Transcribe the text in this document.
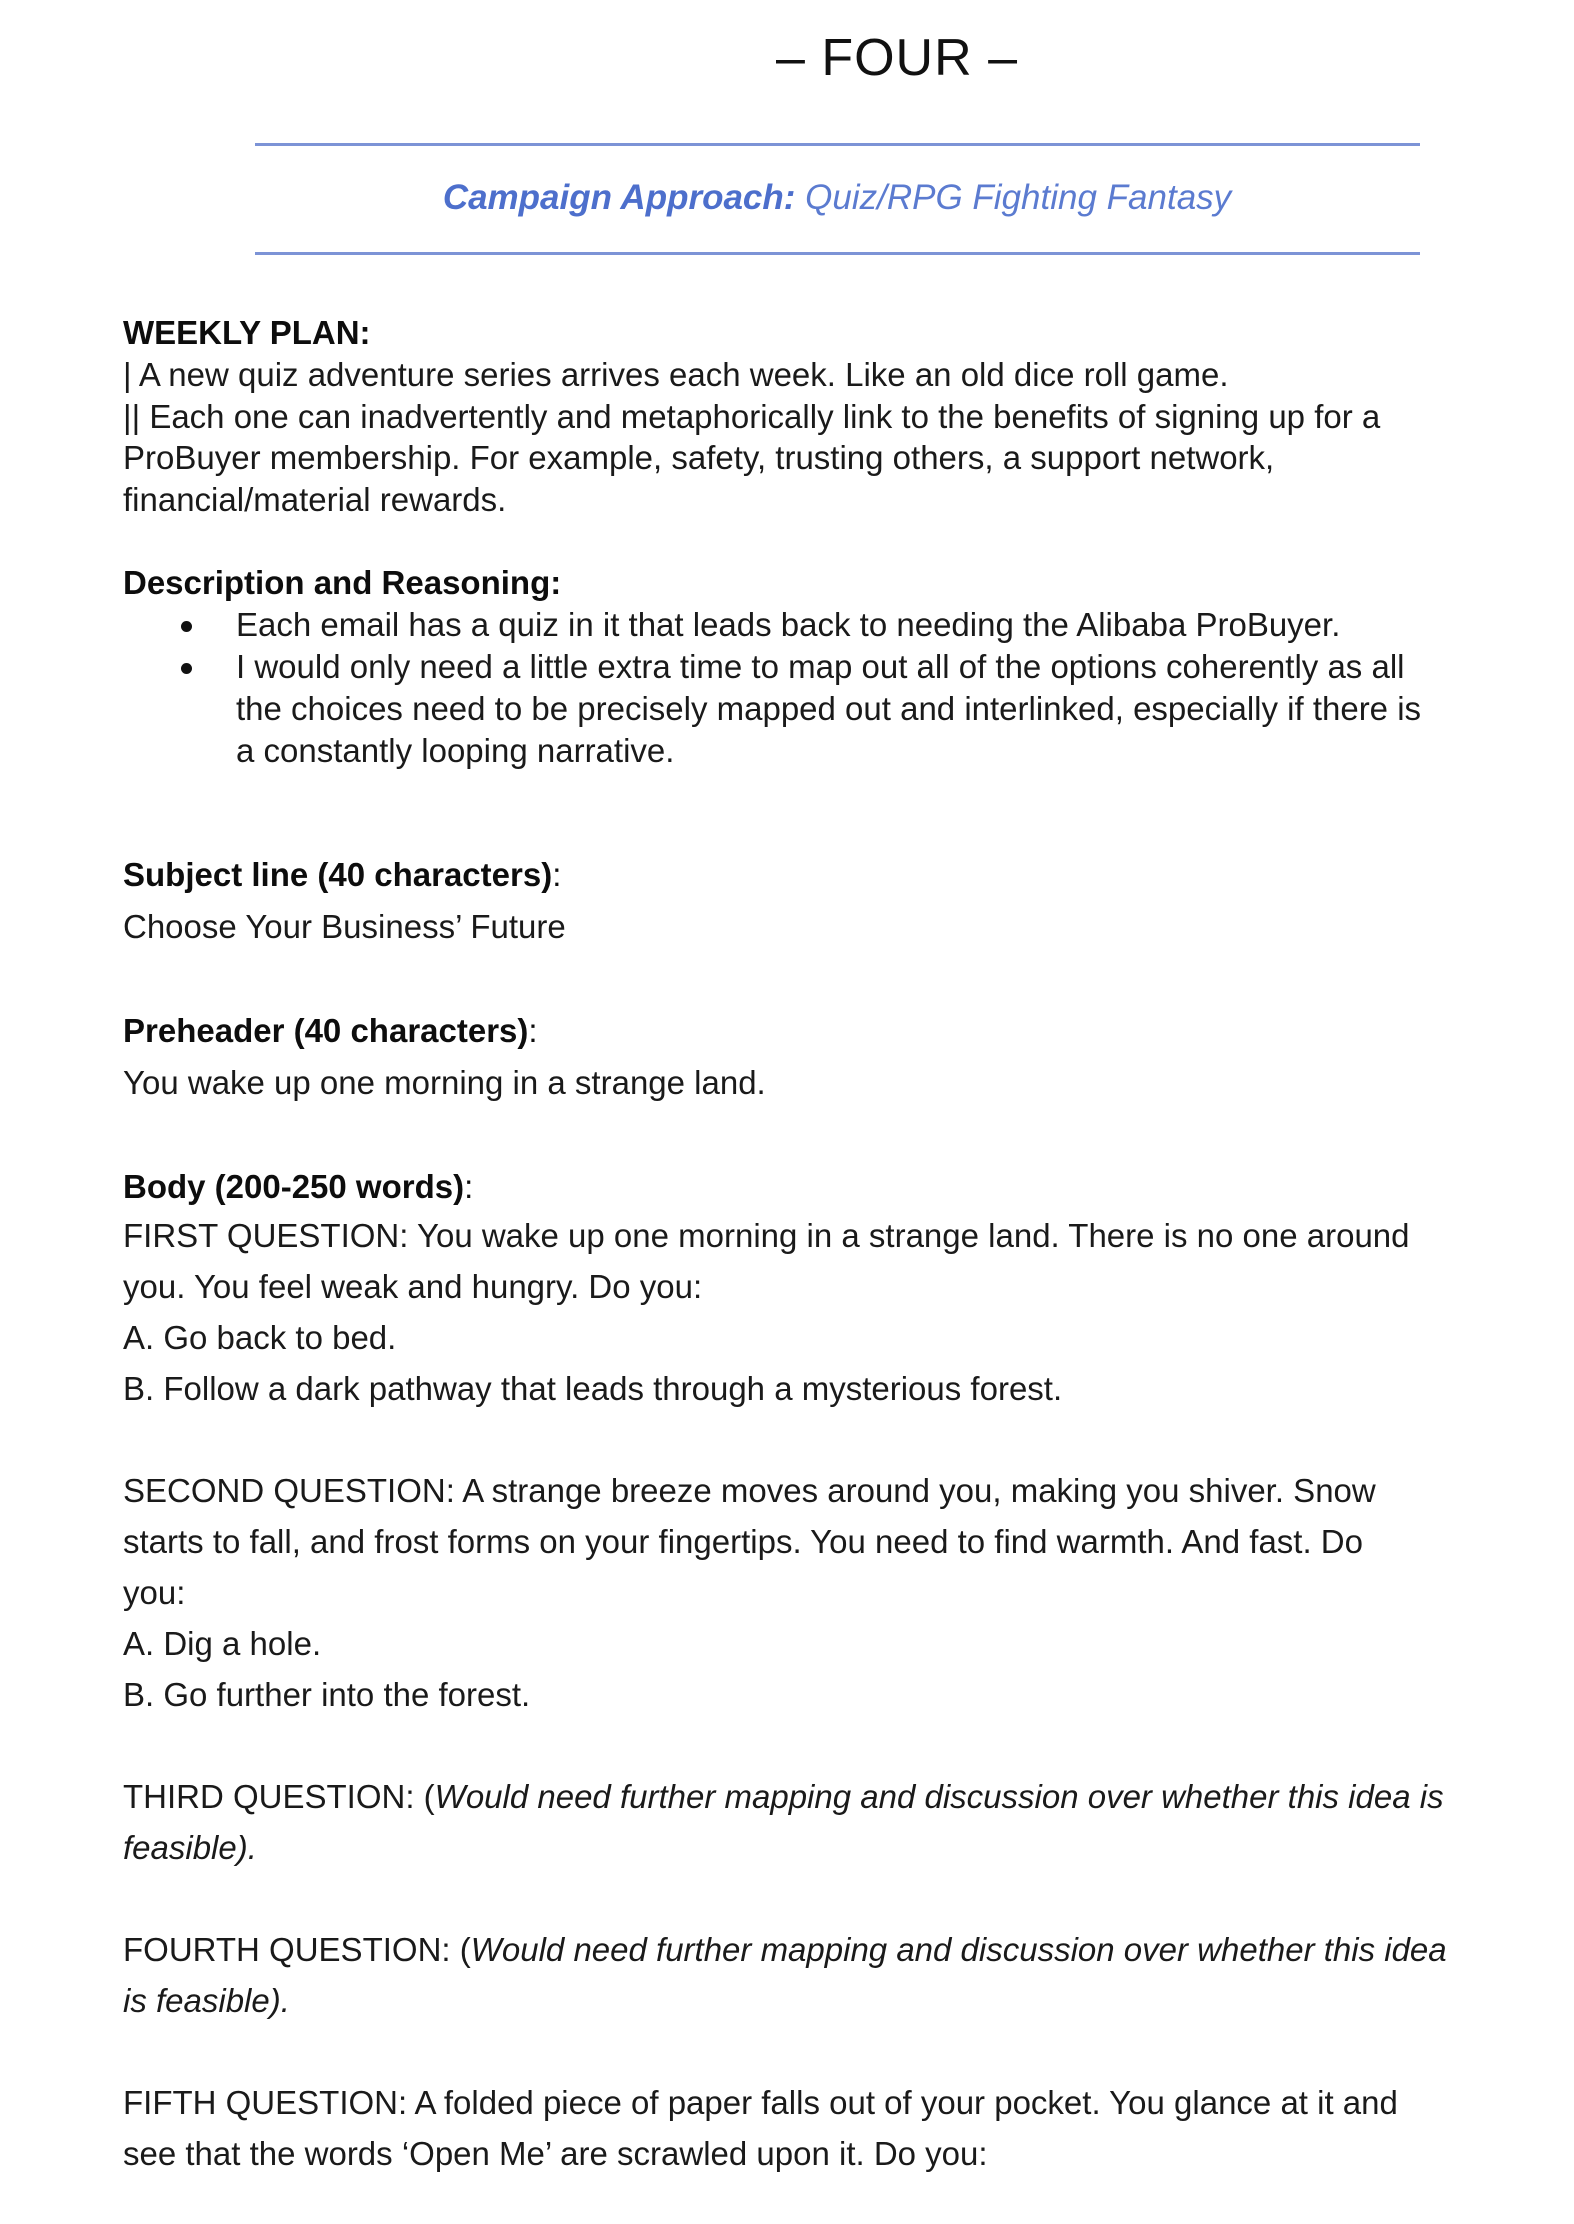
– FOUR –
Campaign Approach: Quiz/RPG Fighting Fantasy
WEEKLY PLAN:
| A new quiz adventure series arrives each week. Like an old dice roll game.
|| Each one can inadvertently and metaphorically link to the benefits of signing up for a
ProBuyer membership. For example, safety, trusting others, a support network,
financial/material rewards.
Description and Reasoning:
Each email has a quiz in it that leads back to needing the Alibaba ProBuyer.
I would only need a little extra time to map out all of the options coherently as all
the choices need to be precisely mapped out and interlinked, especially if there is
a constantly looping narrative.
Subject line (40 characters):
Choose Your Business’ Future
Preheader (40 characters):
You wake up one morning in a strange land.
Body (200-250 words):
FIRST QUESTION: You wake up one morning in a strange land. There is no one around
you. You feel weak and hungry. Do you:
A. Go back to bed.
B. Follow a dark pathway that leads through a mysterious forest.
SECOND QUESTION: A strange breeze moves around you, making you shiver. Snow
starts to fall, and frost forms on your fingertips. You need to find warmth. And fast. Do
you:
A. Dig a hole.
B. Go further into the forest.
THIRD QUESTION: (Would need further mapping and discussion over whether this idea is
feasible).
FOURTH QUESTION: (Would need further mapping and discussion over whether this idea
is feasible).
FIFTH QUESTION: A folded piece of paper falls out of your pocket. You glance at it and
see that the words ‘Open Me’ are scrawled upon it. Do you:
